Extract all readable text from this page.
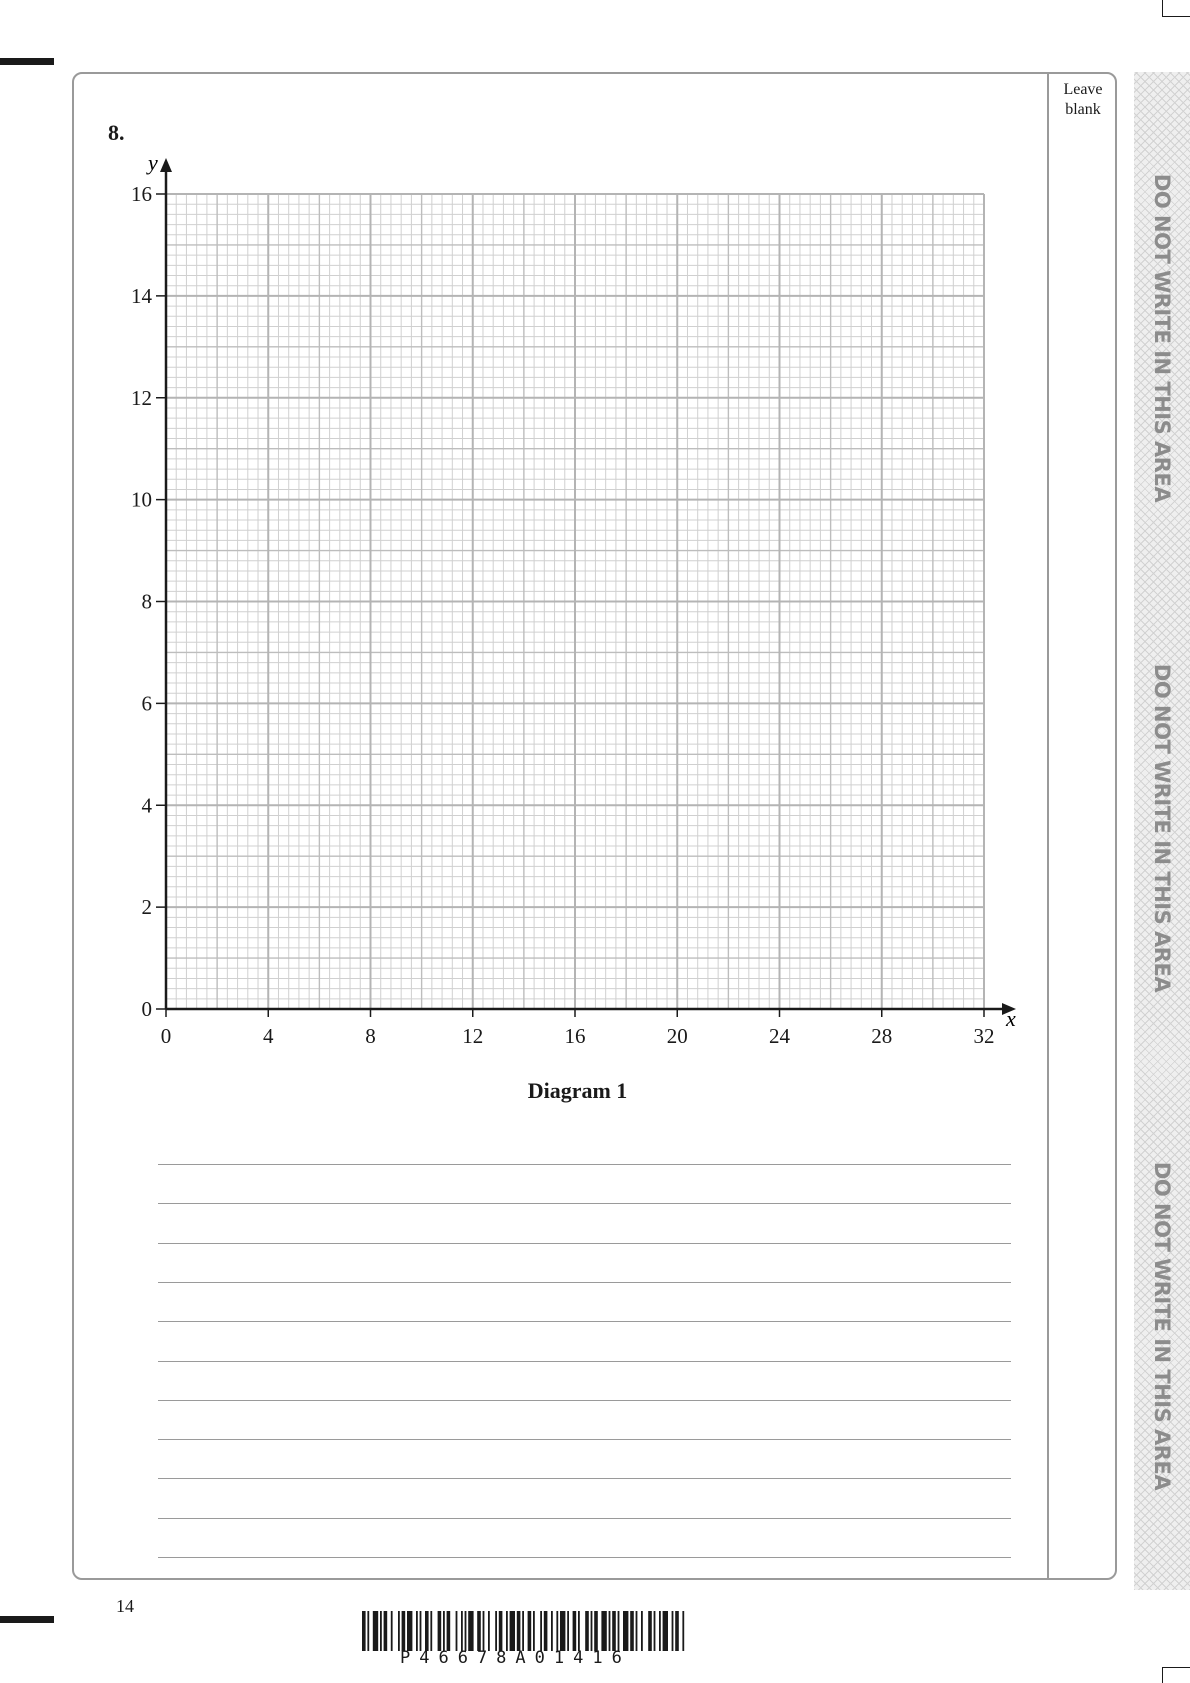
Leave blank
8.
0	4	8	12	16	20	24	28	32
0
2
4
6
8
10
12
14
16
x
y
Diagram 1
DO NOT WRITE IN THIS AREA
DO NOT WRITE IN THIS AREA
DO NOT WRITE IN THIS AREA
14
P46678A01416
